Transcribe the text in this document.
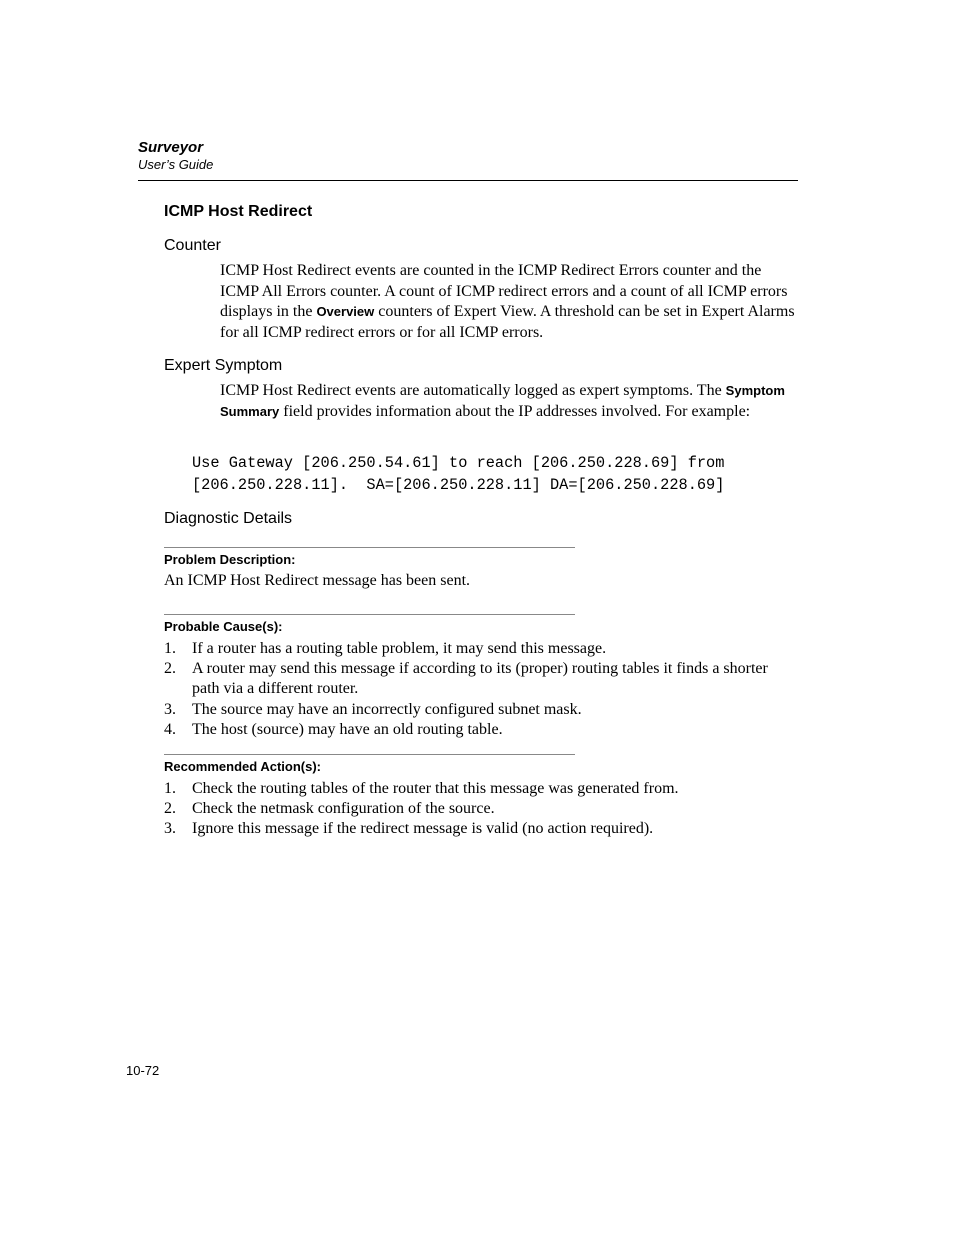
Surveyor
User’s Guide
ICMP Host Redirect
Counter
ICMP Host Redirect events are counted in the ICMP Redirect Errors counter and the ICMP All Errors counter. A count of ICMP redirect errors and a count of all ICMP errors displays in the Overview counters of Expert View. A threshold can be set in Expert Alarms for all ICMP redirect errors or for all ICMP errors.
Expert Symptom
ICMP Host Redirect events are automatically logged as expert symptoms. The Symptom Summary field provides information about the IP addresses involved. For example:
Use Gateway [206.250.54.61] to reach [206.250.228.69] from
[206.250.228.11].  SA=[206.250.228.11] DA=[206.250.228.69]
Diagnostic Details
Problem Description:
An ICMP Host Redirect message has been sent.
Probable Cause(s):
1. If a router has a routing table problem, it may send this message.
2. A router may send this message if according to its (proper) routing tables it finds a shorter path via a different router.
3. The source may have an incorrectly configured subnet mask.
4. The host (source) may have an old routing table.
Recommended Action(s):
1. Check the routing tables of the router that this message was generated from.
2. Check the netmask configuration of the source.
3. Ignore this message if the redirect message is valid (no action required).
10-72
